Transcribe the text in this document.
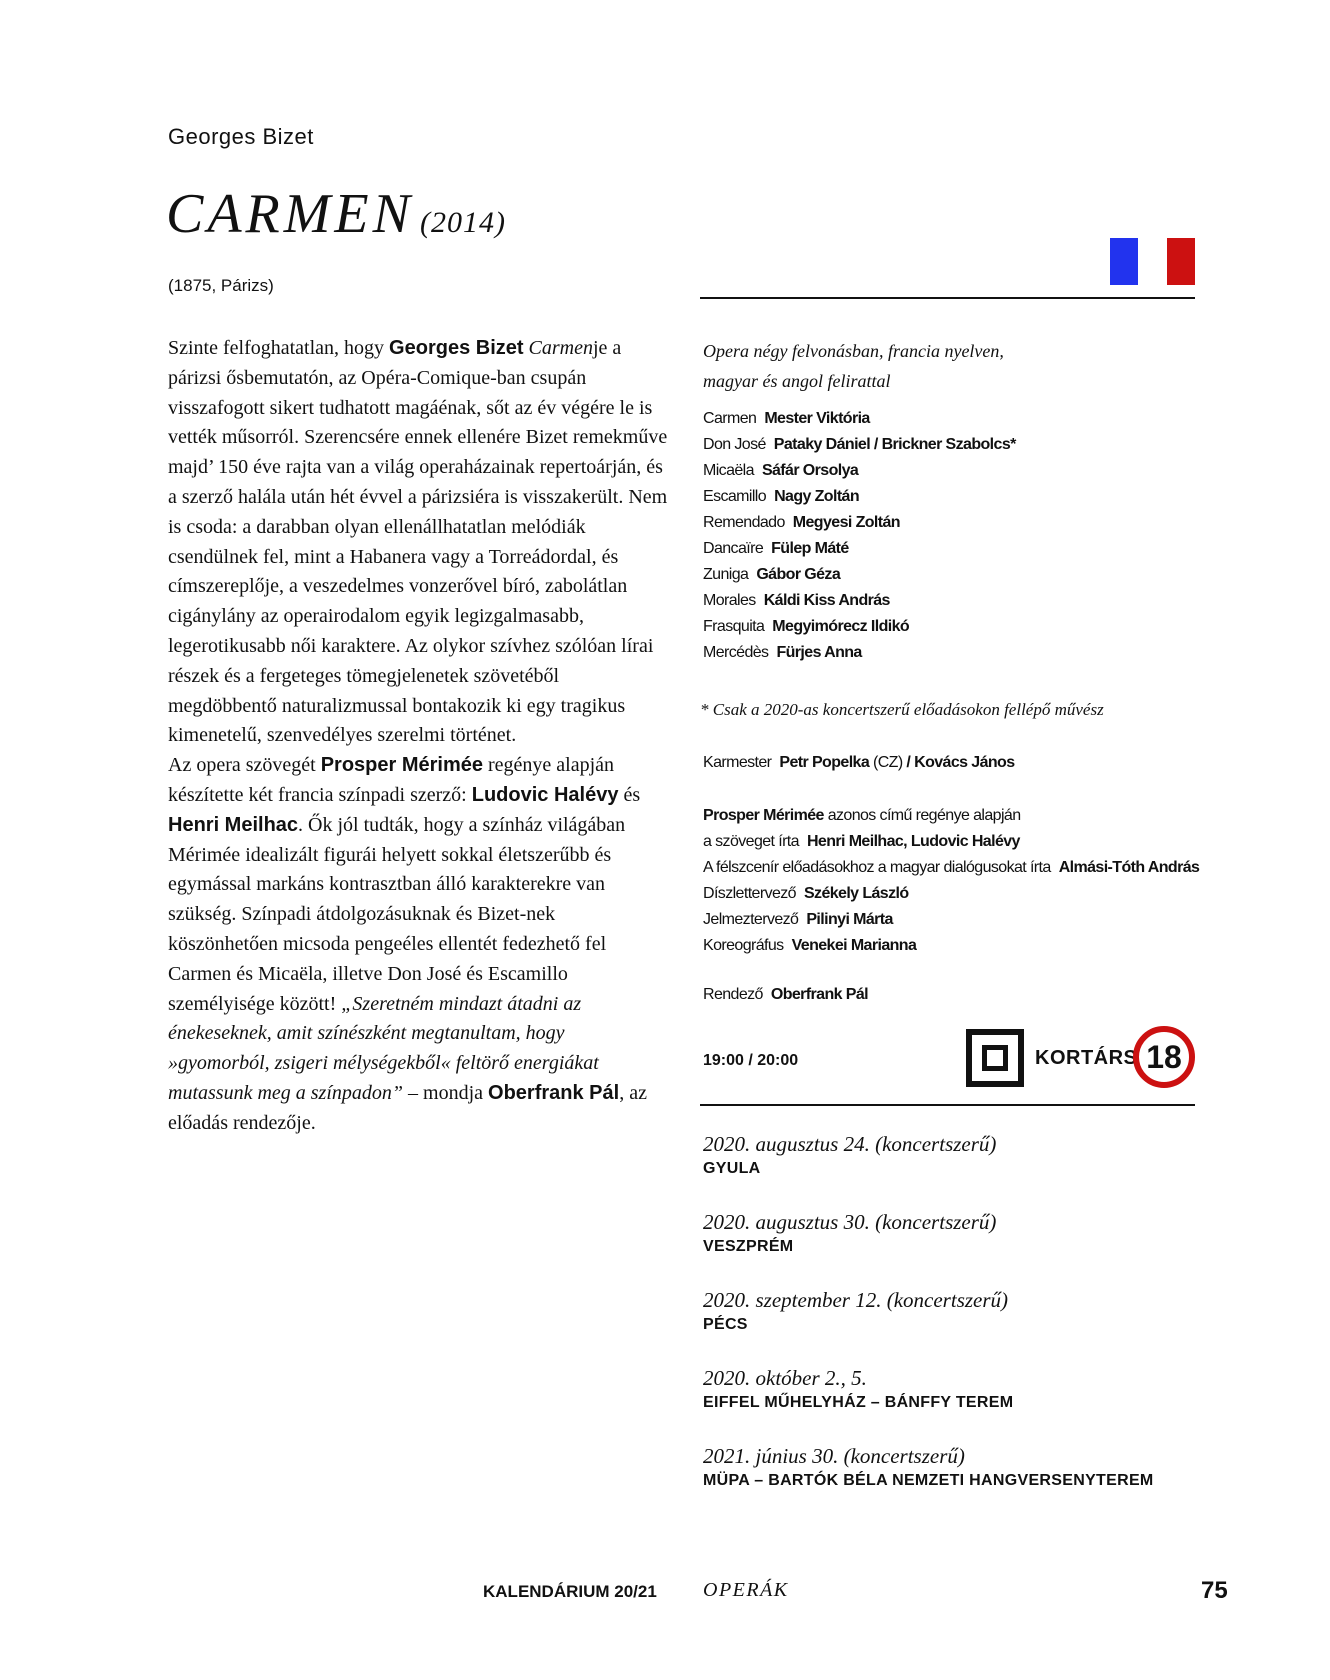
Georges Bizet
CARMEN (2014)
(1875, Párizs)

Szinte felfoghatatlan, hogy Georges Bizet Carmenje a párizsi ősbemutatón, az Opéra-Comique-ban csupán visszafogott sikert tudhatott magáénak, sőt az év végére le is vették műsorról. Szerencsére ennek ellenére Bizet remekműve majd’ 150 éve rajta van a világ operaházainak repertoárján, és a szerző halála után hét évvel a párizsiéra is visszakerült. Nem is csoda: a darabban olyan ellenállhatatlan melódiák csendülnek fel, mint a Habanera vagy a Torreádordal, és címszereplője, a veszedelmes vonzerővel bíró, zabolátlan cigánylány az operairodalom egyik legizgalmasabb, legerotikusabb női karaktere. Az olykor szívhez szólóan lírai részek és a fergeteges tömegjelenetek szövetéből megdöbbentő naturalizmussal bontakozik ki egy tragikus kimenetelű, szenvedélyes szerelmi történet.

Az opera szövegét Prosper Mérimée regénye alapján készítette két francia színpadi szerző: Ludovic Halévy és Henri Meilhac. Ők jól tudták, hogy a színház világában Mérimée idealizált figurái helyett sokkal életszerűbb és egymással markáns kontrasztban álló karakterekre van szükség. Színpadi átdolgozásuknak és Bizet-nek köszönhetően micsoda pengeéles ellentét fedezhető fel Carmen és Micaëla, illetve Don José és Escamillo személyisége között! „Szeretném mindazt átadni az énekeseknek, amit színészként megtanultam, hogy »gyomorból, zsigeri mélységekből« feltörő energiákat mutassunk meg a színpadon” – mondja Oberfrank Pál, az előadás rendezője.

Opera négy felvonásban, francia nyelven,
magyar és angol felirattal
Carmen Mester Viktória
Don José Pataky Dániel / Brickner Szabolcs*
Micaëla Sáfár Orsolya
Escamillo Nagy Zoltán
Remendado Megyesi Zoltán
Dancaïre Fülep Máté
Zuniga Gábor Géza
Morales Káldi Kiss András
Frasquita Megyimórecz Ildikó
Mercédès Fürjes Anna
* Csak a 2020-as koncertszerű előadásokon fellépő művész
Karmester Petr Popelka (CZ) / Kovács János
Prosper Mérimée azonos című regénye alapján
a szöveget írta Henri Meilhac, Ludovic Halévy
A félszcenír előadásokhoz a magyar dialógusokat írta Almási-Tóth András
Díszlettervező Székely László
Jelmeztervező Pilinyi Márta
Koreográfus Venekei Marianna
Rendező Oberfrank Pál
19:00 / 20:00	KORTÁRS 18
2020. augusztus 24. (koncertszerű)
GYULA
2020. augusztus 30. (koncertszerű)
VESZPRÉM
2020. szeptember 12. (koncertszerű)
PÉCS
2020. október 2., 5.
EIFFEL MŰHELYHÁZ – BÁNFFY TEREM
2021. június 30. (koncertszerű)
MÜPA – BARTÓK BÉLA NEMZETI HANGVERSENYTEREM
KALENDÁRIUM 20/21 OPERÁK	75
